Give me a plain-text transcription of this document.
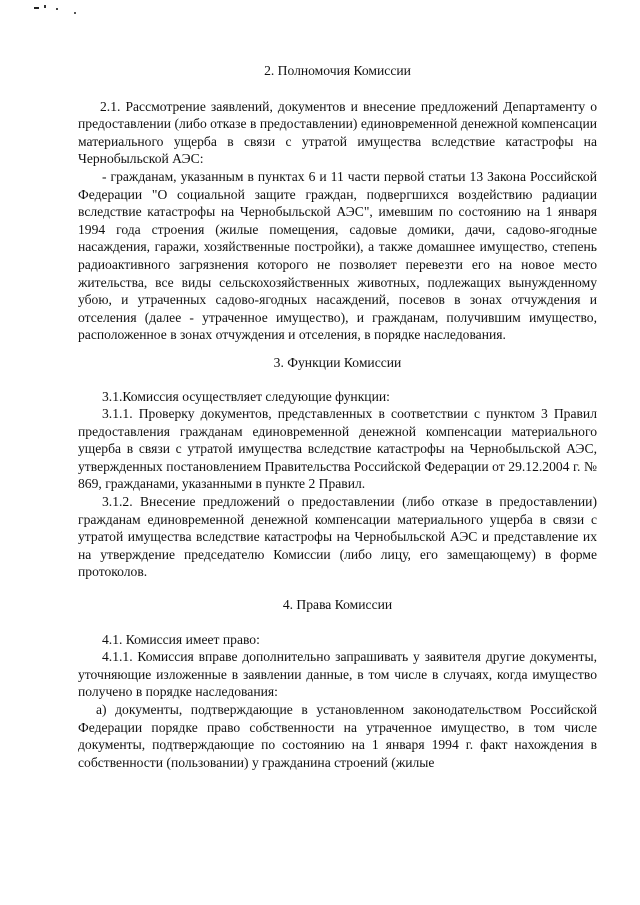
2. Полномочия Комиссии

2.1. Рассмотрение заявлений, документов и внесение предложений Департаменту о предоставлении (либо отказе в предоставлении) единовременной денежной компенсации материального ущерба в связи с утратой имущества вследствие катастрофы на Чернобыльской АЭС:

- гражданам, указанным в пунктах 6 и 11 части первой статьи 13 Закона Российской Федерации "О социальной защите граждан, подвергшихся воздействию радиации вследствие катастрофы на Чернобыльской АЭС", имевшим по состоянию на 1 января 1994 года строения (жилые помещения, садовые домики, дачи, садово-ягодные насаждения, гаражи, хозяйственные постройки), а также домашнее имущество, степень радиоактивного загрязнения которого не позволяет перевезти его на новое место жительства, все виды сельскохозяйственных животных, подлежащих вынужденному убою, и утраченных садово-ягодных насаждений, посевов в зонах отчуждения и отселения (далее - утраченное имущество), и гражданам, получившим имущество, расположенное в зонах отчуждения и отселения, в порядке наследования.

3. Функции Комиссии

3.1.Комиссия осуществляет следующие функции:

3.1.1. Проверку документов, представленных в соответствии с пунктом 3 Правил предоставления гражданам единовременной денежной компенсации материального ущерба в связи с утратой имущества вследствие катастрофы на Чернобыльской АЭС, утвержденных постановлением Правительства Российской Федерации от 29.12.2004 г. № 869, гражданами, указанными в пункте 2 Правил.

3.1.2. Внесение предложений о предоставлении (либо отказе в предоставлении) гражданам единовременной денежной компенсации материального ущерба в связи с утратой имущества вследствие катастрофы на Чернобыльской АЭС и представление их на утверждение председателю Комиссии (либо лицу, его замещающему) в форме протоколов.

4. Права Комиссии

4.1. Комиссия имеет право:

4.1.1. Комиссия вправе дополнительно запрашивать у заявителя другие документы, уточняющие изложенные в заявлении данные, в том числе в случаях, когда имущество получено в порядке наследования:

а) документы, подтверждающие в установленном законодательством Российской Федерации порядке право собственности на утраченное имущество, в том числе документы, подтверждающие по состоянию на 1 января 1994 г. факт нахождения в собственности (пользовании) у гражданина строений (жилые
